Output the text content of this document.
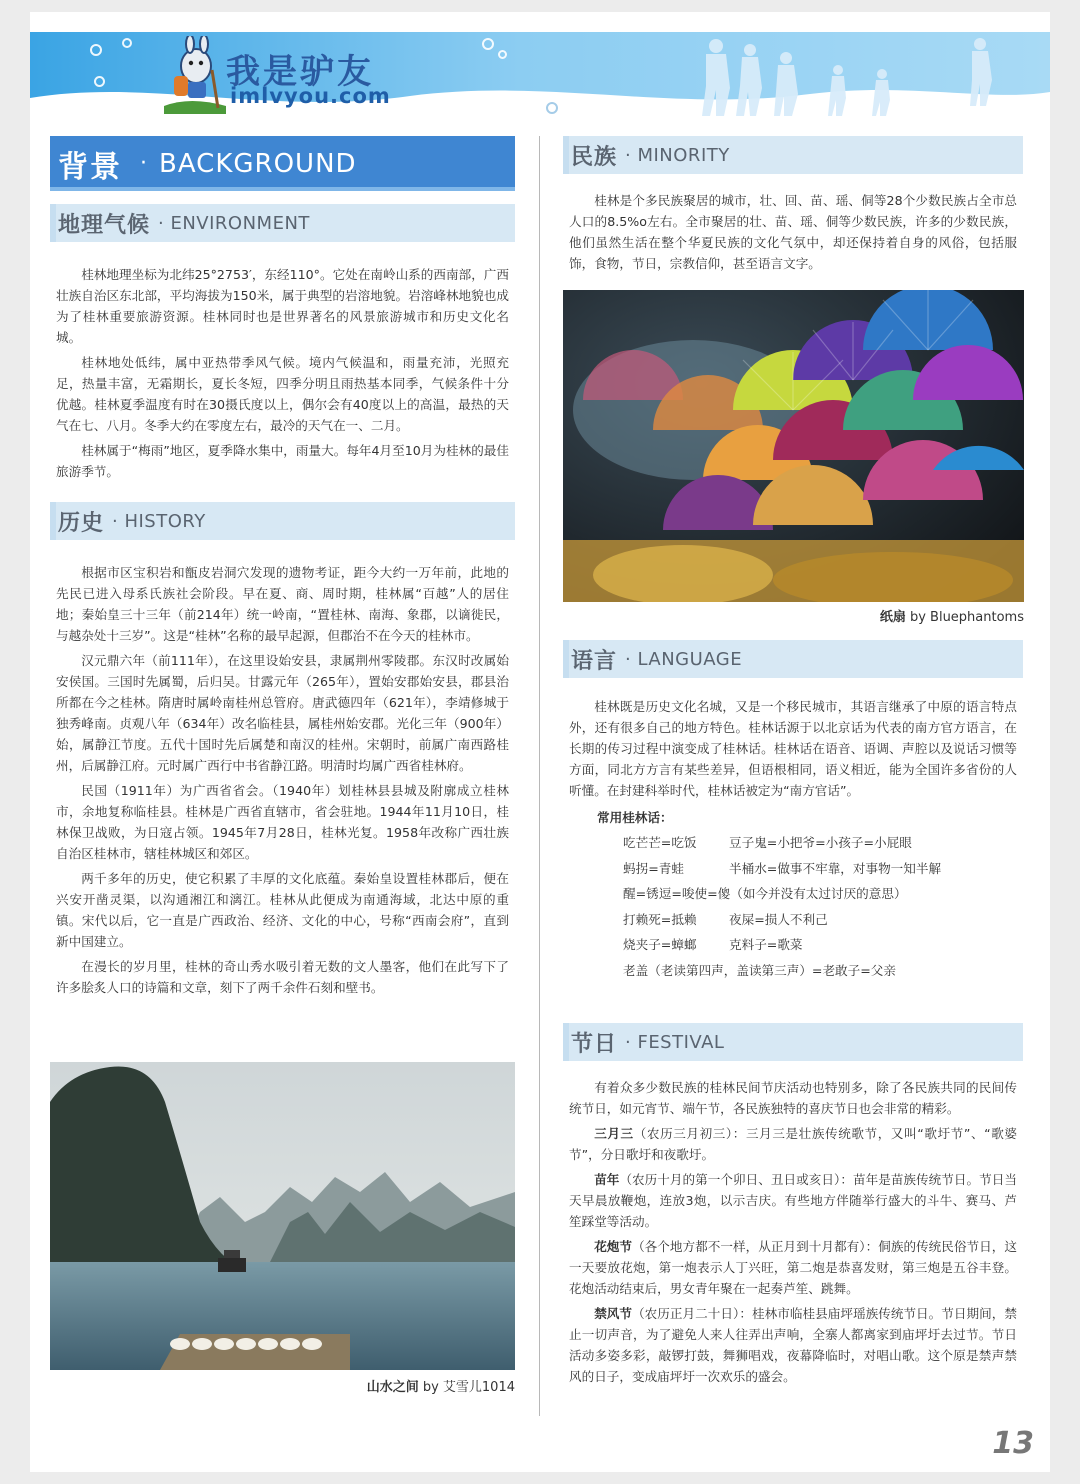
我是驴友
imlvyou.com
背景 · BACKGROUND
地理气候 · ENVIRONMENT

桂林地理坐标为北纬25°2753′，东经110°。它处在南岭山系的西南部，广西壮族自治区东北部，平均海拔为150米，属于典型的岩溶地貌。岩溶峰林地貌也成为了桂林重要旅游资源。桂林同时也是世界著名的风景旅游城市和历史文化名城。

桂林地处低纬，属中亚热带季风气候。境内气候温和，雨量充沛，光照充足，热量丰富，无霜期长，夏长冬短，四季分明且雨热基本同季，气候条件十分优越。桂林夏季温度有时在30摄氏度以上，偶尔会有40度以上的高温，最热的天气在七、八月。冬季大约在零度左右，最冷的天气在一、二月。

桂林属于“梅雨”地区，夏季降水集中，雨量大。每年4月至10月为桂林的最佳旅游季节。

历史 · HISTORY

根据市区宝积岩和甑皮岩洞穴发现的遗物考证，距今大约一万年前，此地的先民已进入母系氏族社会阶段。早在夏、商、周时期，桂林属“百越”人的居住地；秦始皇三十三年（前214年）统一岭南，“置桂林、南海、象郡，以谪徙民，与越杂处十三岁”。这是“桂林”名称的最早起源，但郡治不在今天的桂林市。

汉元鼎六年（前111年），在这里设始安县，隶属荆州零陵郡。东汉时改属始安侯国。三国时先属蜀，后归吴。甘露元年（265年），置始安郡始安县，郡县治所都在今之桂林。隋唐时属岭南桂州总管府。唐武德四年（621年），李靖修城于独秀峰南。贞观八年（634年）改名临桂县，属桂州始安郡。光化三年（900年）始，属静江节度。五代十国时先后属楚和南汉的桂州。宋朝时，前属广南西路桂州，后属静江府。元时属广西行中书省静江路。明清时均属广西省桂林府。

民国（1911年）为广西省省会。（1940年）划桂林县县城及附廓成立桂林市，余地复称临桂县。桂林是广西省直辖市，省会驻地。1944年11月10日，桂林保卫战败，为日寇占领。1945年7月28日，桂林光复。1958年改称广西壮族自治区桂林市，辖桂林城区和郊区。

两千多年的历史，使它积累了丰厚的文化底蕴。秦始皇设置桂林郡后，便在兴安开凿灵渠，以沟通湘江和漓江。桂林从此便成为南通海域，北达中原的重镇。宋代以后，它一直是广西政治、经济、文化的中心，号称“西南会府”，直到新中国建立。

在漫长的岁月里，桂林的奇山秀水吸引着无数的文人墨客，他们在此写下了许多脍炙人口的诗篇和文章，刻下了两千余件石刻和壁书。

山水之间 by 艾雪儿1014
民族 · MINORITY

桂林是个多民族聚居的城市，壮、回、苗、瑶、侗等28个少数民族占全市总人口的8.5%o左右。全市聚居的壮、苗、瑶、侗等少数民族，许多的少数民族，他们虽然生活在整个华夏民族的文化气氛中，却还保持着自身的风俗，包括服饰，食物，节日，宗教信仰，甚至语言文字。

纸扇 by Bluephantoms
语言 · LANGUAGE

桂林既是历史文化名城，又是一个移民城市，其语言继承了中原的语言特点外，还有很多自己的地方特色。桂林话源于以北京话为代表的南方官方语言，在长期的传习过程中演变成了桂林话。桂林话在语音、语调、声腔以及说话习惯等方面，同北方方言有某些差异，但语根相同，语义相近，能为全国许多省份的人听懂。在封建科举时代，桂林话被定为“南方官话”。

常用桂林话：
吃芒芒=吃饭	豆子鬼=小把爷=小孩子=小屁眼
蚂拐=青蛙	半桶水=做事不牢靠，对事物一知半解
醒=锈逗=唆使=傻（如今并没有太过讨厌的意思）
打赖死=抵赖	夜屎=损人不利己
烧夹子=蟑螂	克料子=歌菜
老盖（老读第四声，盖读第三声）=老敢子=父亲
节日 · FESTIVAL

有着众多少数民族的桂林民间节庆活动也特别多，除了各民族共同的民间传统节日，如元宵节、端午节，各民族独特的喜庆节日也会非常的精彩。

三月三（农历三月初三）：三月三是壮族传统歌节，又叫“歌圩节”、“歌婆节”，分日歌圩和夜歌圩。

苗年（农历十月的第一个卯日、丑日或亥日）：苗年是苗族传统节日。节日当天早晨放鞭炮，连放3炮，以示吉庆。有些地方伴随举行盛大的斗牛、赛马、芦笙踩堂等活动。

花炮节（各个地方都不一样，从正月到十月都有）：侗族的传统民俗节日，这一天要放花炮，第一炮表示人丁兴旺，第二炮是恭喜发财，第三炮是五谷丰登。花炮活动结束后，男女青年聚在一起奏芦笙、跳舞。

禁风节（农历正月二十日）：桂林市临桂县庙坪瑶族传统节日。节日期间，禁止一切声音，为了避免人来人往弄出声响，全寨人都离家到庙坪圩去过节。节日活动多姿多彩，敲锣打鼓，舞狮唱戏，夜幕降临时，对唱山歌。这个原是禁声禁风的日子，变成庙坪圩一次欢乐的盛会。

13
